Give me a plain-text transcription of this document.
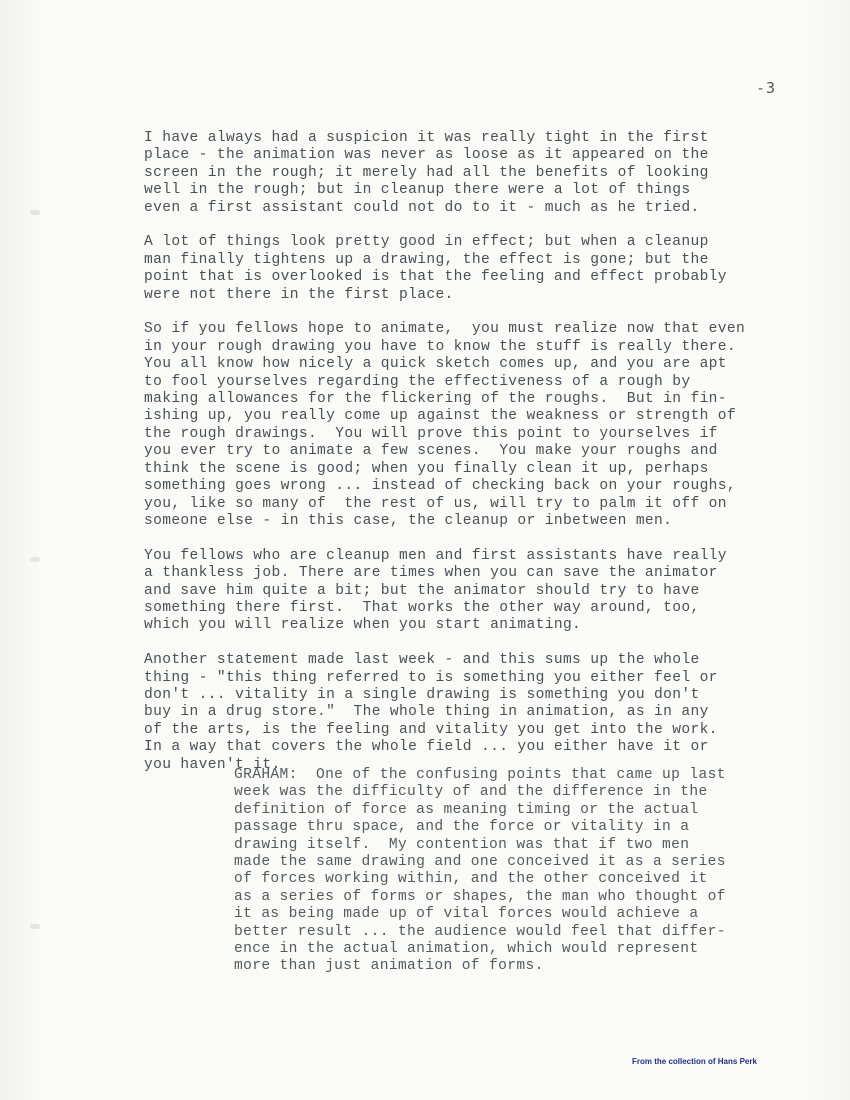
-3
I have always had a suspicion it was really tight in the first
place - the animation was never as loose as it appeared on the
screen in the rough; it merely had all the benefits of looking
well in the rough; but in cleanup there were a lot of things
even a first assistant could not do to it - much as he tried.
A lot of things look pretty good in effect; but when a cleanup
man finally tightens up a drawing, the effect is gone; but the
point that is overlooked is that the feeling and effect probably
were not there in the first place.
So if you fellows hope to animate,  you must realize now that even
in your rough drawing you have to know the stuff is really there.
You all know how nicely a quick sketch comes up, and you are apt
to fool yourselves regarding the effectiveness of a rough by
making allowances for the flickering of the roughs.  But in fin-
ishing up, you really come up against the weakness or strength of
the rough drawings.  You will prove this point to yourselves if
you ever try to animate a few scenes.  You make your roughs and
think the scene is good; when you finally clean it up, perhaps
something goes wrong ... instead of checking back on your roughs,
you, like so many of  the rest of us, will try to palm it off on
someone else - in this case, the cleanup or inbetween men.
You fellows who are cleanup men and first assistants have really
a thankless job. There are times when you can save the animator
and save him quite a bit; but the animator should try to have
something there first.  That works the other way around, too,
which you will realize when you start animating.
Another statement made last week - and this sums up the whole
thing - "this thing referred to is something you either feel or
don't ... vitality in a single drawing is something you don't
buy in a drug store."  The whole thing in animation, as in any
of the arts, is the feeling and vitality you get into the work.
In a way that covers the whole field ... you either have it or
you haven't it.
GRAHAM:  One of the confusing points that came up last
week was the difficulty of and the difference in the
definition of force as meaning timing or the actual
passage thru space, and the force or vitality in a
drawing itself.  My contention was that if two men
made the same drawing and one conceived it as a series
of forces working within, and the other conceived it
as a series of forms or shapes, the man who thought of
it as being made up of vital forces would achieve a
better result ... the audience would feel that differ-
ence in the actual animation, which would represent
more than just animation of forms.
From the collection of Hans Perk
